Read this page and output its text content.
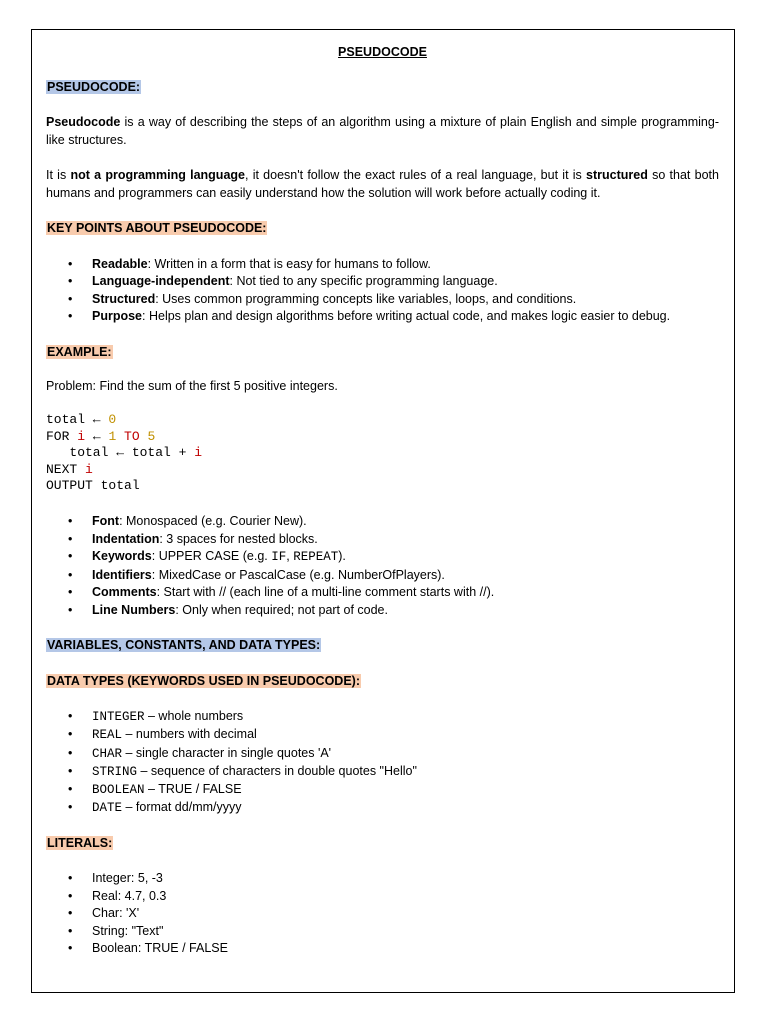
PSEUDOCODE
PSEUDOCODE:
Pseudocode is a way of describing the steps of an algorithm using a mixture of plain English and simple programming-like structures.
It is not a programming language, it doesn't follow the exact rules of a real language, but it is structured so that both humans and programmers can easily understand how the solution will work before actually coding it.
KEY POINTS ABOUT PSEUDOCODE:
• Readable: Written in a form that is easy for humans to follow.
• Language-independent: Not tied to any specific programming language.
• Structured: Uses common programming concepts like variables, loops, and conditions.
• Purpose: Helps plan and design algorithms before writing actual code, and makes logic easier to debug.
EXAMPLE:
Problem: Find the sum of the first 5 positive integers.
total ← 0
FOR i ← 1 TO 5
total ← total + i
NEXT i
OUTPUT total
• Font: Monospaced (e.g. Courier New).
• Indentation: 3 spaces for nested blocks.
• Keywords: UPPER CASE (e.g. IF, REPEAT).
• Identifiers: MixedCase or PascalCase (e.g. NumberOfPlayers).
• Comments: Start with // (each line of a multi-line comment starts with //).
• Line Numbers: Only when required; not part of code.
VARIABLES, CONSTANTS, AND DATA TYPES:
DATA TYPES (KEYWORDS USED IN PSEUDOCODE):
• INTEGER – whole numbers
• REAL – numbers with decimal
• CHAR – single character in single quotes 'A'
• STRING – sequence of characters in double quotes "Hello"
• BOOLEAN – TRUE / FALSE
• DATE – format dd/mm/yyyy
LITERALS:
• Integer: 5, -3
• Real: 4.7, 0.3
• Char: 'X'
• String: "Text"
• Boolean: TRUE / FALSE
